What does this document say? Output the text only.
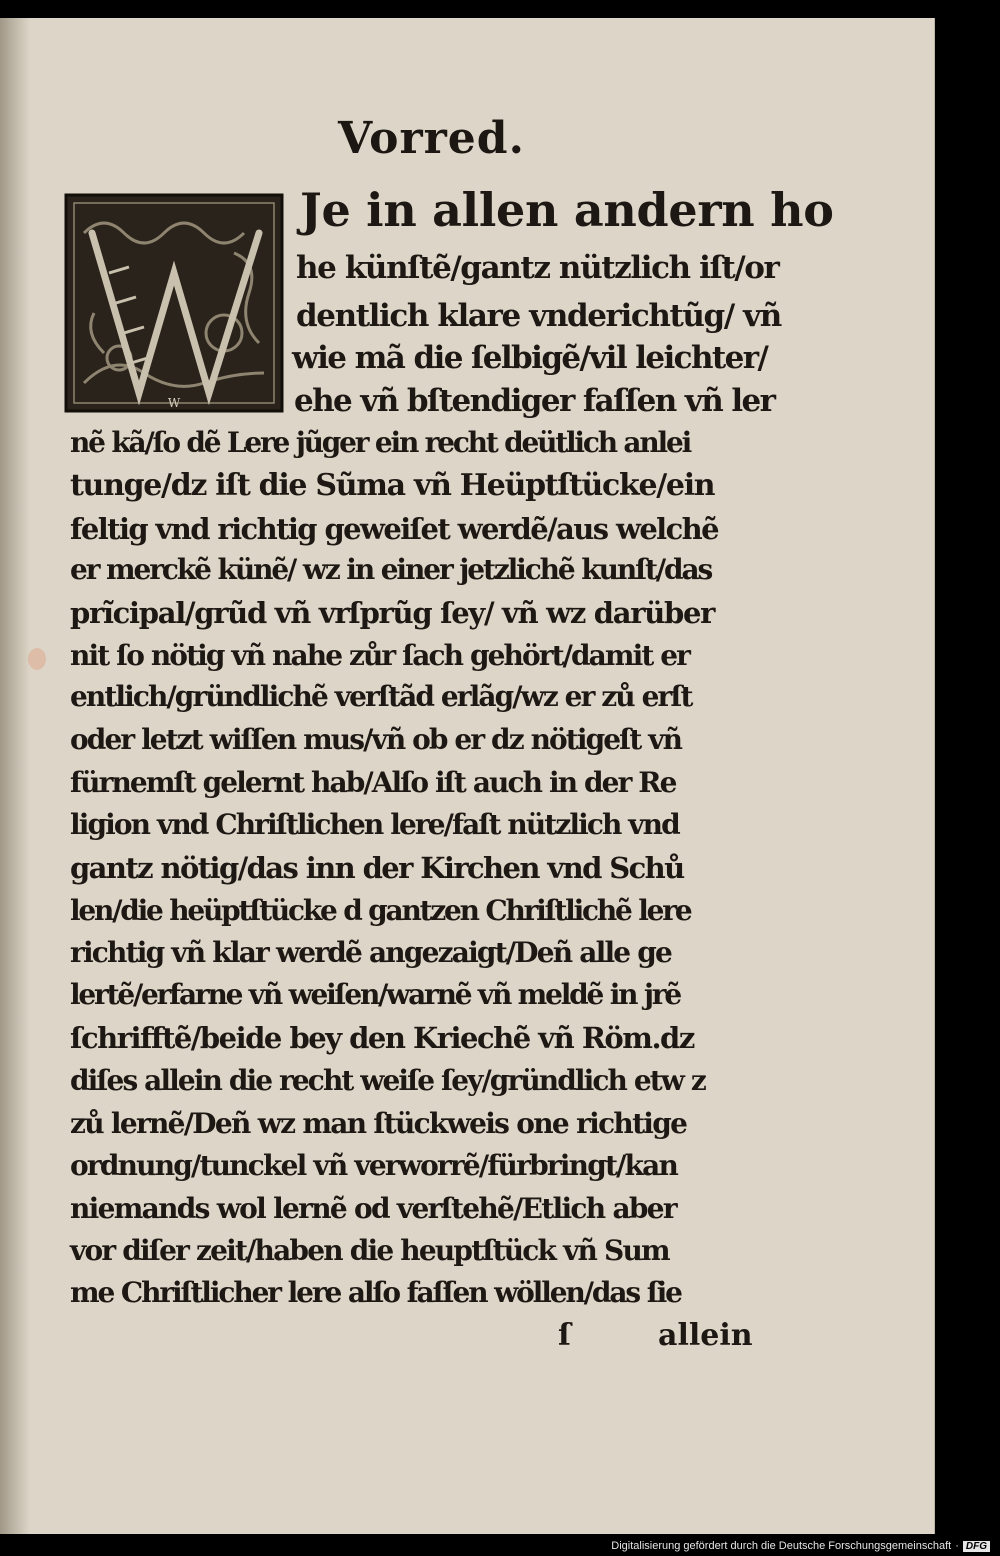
Vorred.
W
Je in allen andern ho
he künſtẽ/gantz nützlich iſt/or
dentlich klare vnderichtũg/ vñ
wie mã die ſelbigẽ/vil leichter/
ehe vñ bſtendiger faſſen vñ ler
nẽ kã/ſo dẽ Lere jũger ein recht deütlich anlei
tunge/dz iſt die Sũma vñ Heüptſtücke/ein
feltig vnd richtig geweiſet werdẽ/aus welchẽ
er merckẽ künẽ/ wz in einer jetzlichẽ kunſt/das
prĩcipal/grũd vñ vrſprũg ſey/ vñ wz darüber
nit ſo nötig vñ nahe zůr ſach gehört/damit er
entlich/gründlichẽ verſtãd erlãg/wz er zů erſt
oder letzt wiſſen mus/vñ ob er dz nötigeſt vñ
fürnemſt gelernt hab/Alſo iſt auch in der Re
ligion vnd Chriſtlichen lere/faſt nützlich vnd
gantz nötig/das inn der Kirchen vnd Schů
len/die heüptſtücke d gantzen Chriſtlichẽ lere
richtig vñ klar werdẽ angezaigt/Deñ alle ge
lertẽ/erfarne vñ weiſen/warnẽ vñ meldẽ in jrẽ
ſchrifftẽ/beide bey den Kriechẽ vñ Röm.dz
diſes allein die recht weiſe ſey/gründlich etw z
zů lernẽ/Deñ wz man ſtückweis one richtige
ordnung/tunckel vñ verworrẽ/fürbringt/kan
niemands wol lernẽ od verſtehẽ/Etlich aber
vor diſer zeit/haben die heuptſtück vñ Sum
me Chriſtlicher lere alſo faſſen wöllen/das ſie
ſ	allein
Digitalisierung gefördert durch die Deutsche Forschungsgemeinschaft · DFG
